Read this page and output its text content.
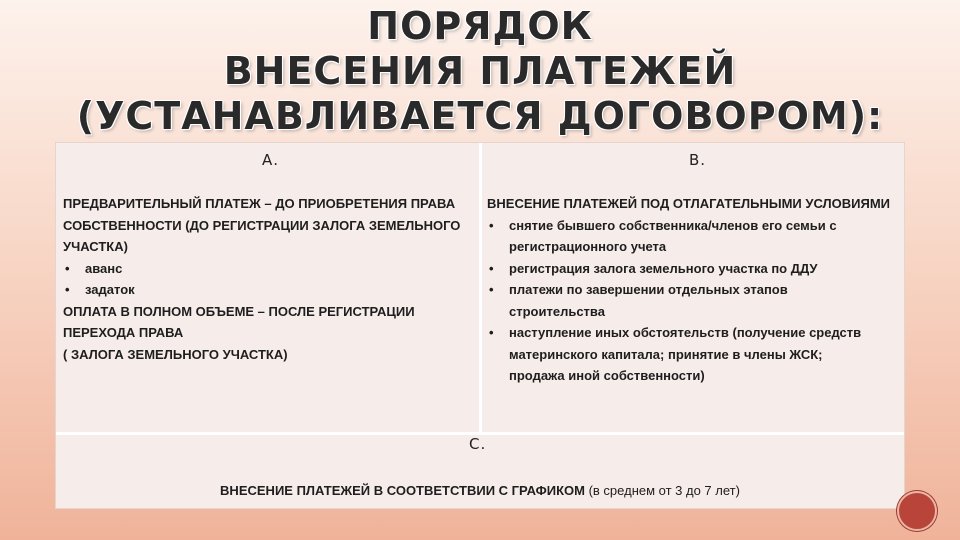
ПОРЯДОК
ВНЕСЕНИЯ ПЛАТЕЖЕЙ
(УСТАНАВЛИВАЕТСЯ ДОГОВОРОМ):
А.

ПРЕДВАРИТЕЛЬНЫЙ ПЛАТЕЖ – ДО ПРИОБРЕТЕНИЯ ПРАВА

СОБСТВЕННОСТИ (ДО РЕГИСТРАЦИИ ЗАЛОГА ЗЕМЕЛЬНОГО

УЧАСТКА)

• аванс

• задаток

ОПЛАТА В ПОЛНОМ ОБЪЕМЕ – ПОСЛЕ РЕГИСТРАЦИИ

ПЕРЕХОДА ПРАВА

( ЗАЛОГА ЗЕМЕЛЬНОГО УЧАСТКА)

В.

ВНЕСЕНИЕ ПЛАТЕЖЕЙ ПОД ОТЛАГАТЕЛЬНЫМИ УСЛОВИЯМИ

• снятие бывшего собственника/членов его семьи с

регистрационного учета

• регистрация залога земельного участка по ДДУ

• платежи по завершении отдельных этапов

строительства

• наступление иных обстоятельств (получение средств

материнского капитала; принятие в члены ЖСК;

продажа иной собственности)

С.
ВНЕСЕНИЕ ПЛАТЕЖЕЙ В СООТВЕТСТВИИ С ГРАФИКОМ (в среднем от 3 до 7 лет)
